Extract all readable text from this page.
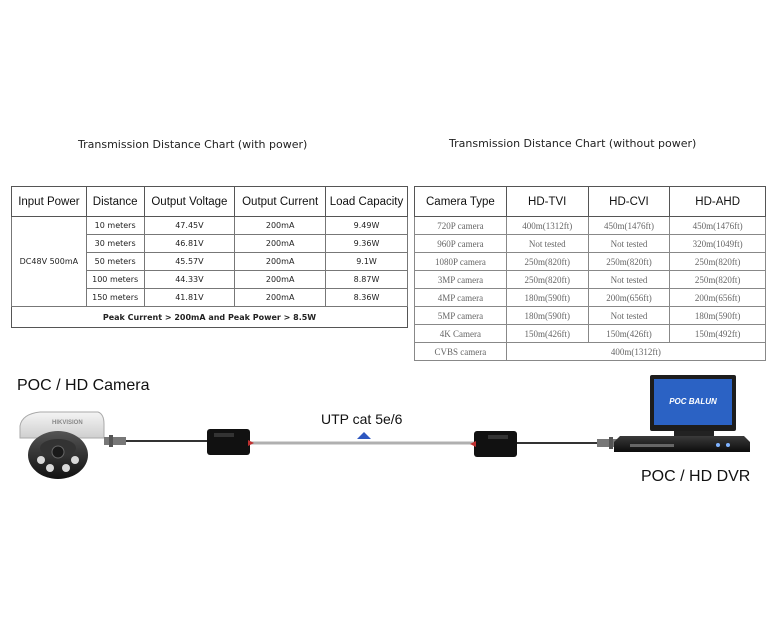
Transmission Distance Chart (with power)	Transmission Distance Chart (without power)
Input Power	Distance	Output Voltage	Output Current	Load Capacity
DC48V 500mA	10 meters	47.45V	200mA	9.49W
	30 meters	46.81V	200mA	9.36W
	50 meters	45.57V	200mA	9.1W
	100 meters	44.33V	200mA	8.87W
	150 meters	41.81V	200mA	8.36W
Peak Current > 200mA and Peak Power > 8.5W				
Camera Type	HD-TVI	HD-CVI	HD-AHD
720P camera	400m(1312ft)	450m(1476ft)	450m(1476ft)
960P camera	Not tested	Not tested	320m(1049ft)
1080P camera	250m(820ft)	250m(820ft)	250m(820ft)
3MP camera	250m(820ft)	Not tested	250m(820ft)
4MP camera	180m(590ft)	200m(656ft)	200m(656ft)
5MP camera	180m(590ft)	Not tested	180m(590ft)
4K Camera	150m(426ft)	150m(426ft)	150m(492ft)
CVBS camera	400m(1312ft)		
POC / HD Camera
UTP cat 5e/6
POC / HD DVR
HIKVISION
POC BALUN
